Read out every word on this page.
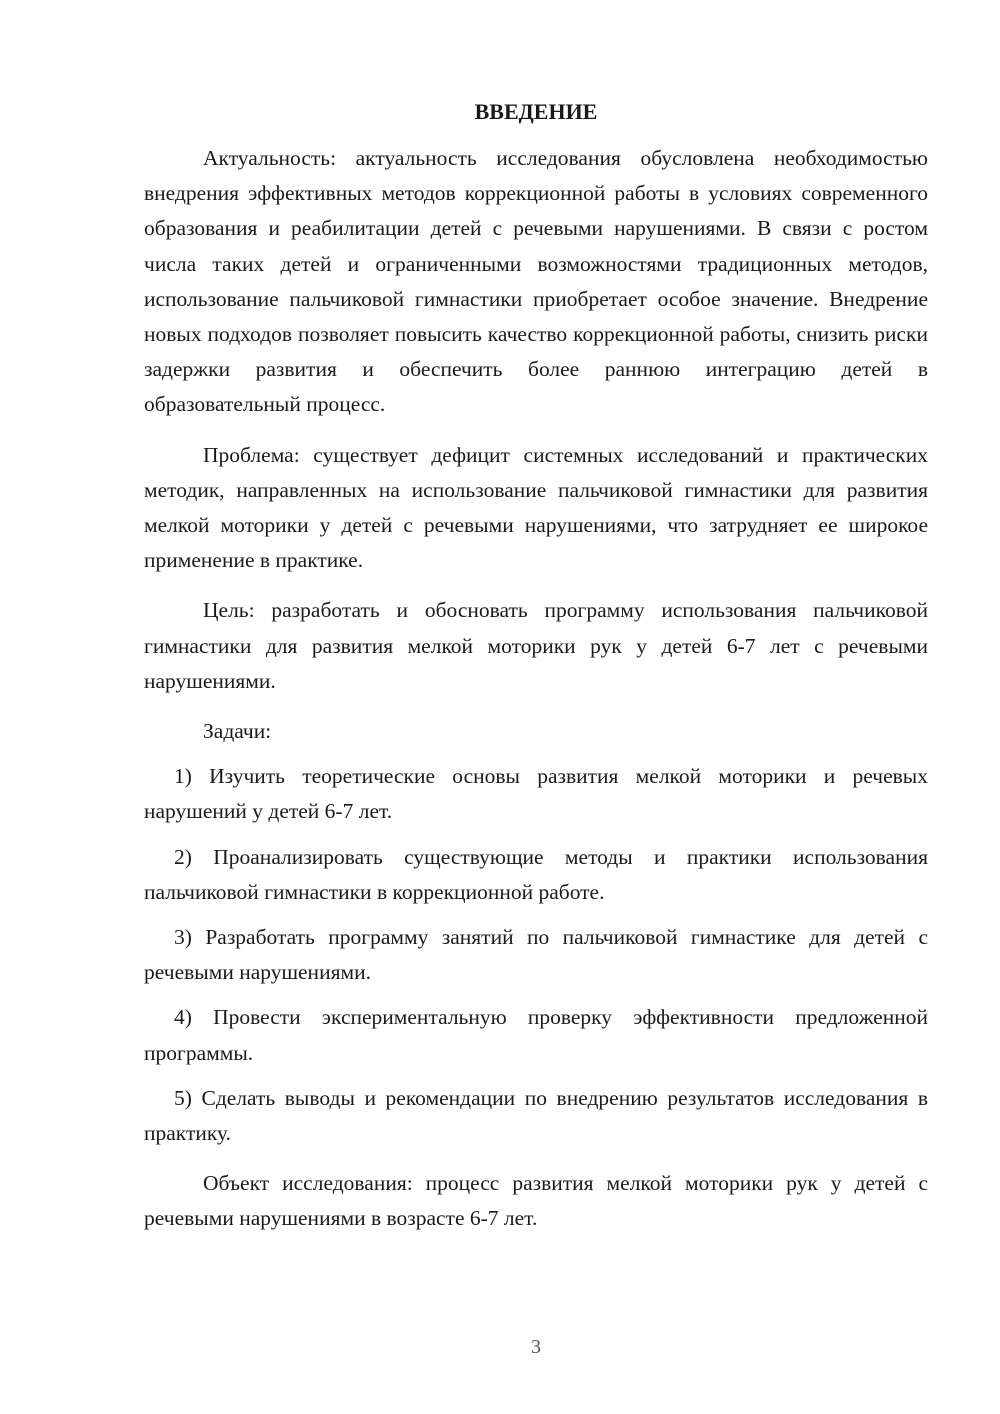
ВВЕДЕНИЕ

Актуальность: актуальность исследования обусловлена необходимостью внедрения эффективных методов коррекционной работы в условиях современного образования и реабилитации детей с речевыми нарушениями. В связи с ростом числа таких детей и ограниченными возможностями традиционных методов, использование пальчиковой гимнастики приобретает особое значение. Внедрение новых подходов позволяет повысить качество коррекционной работы, снизить риски задержки развития и обеспечить более раннюю интеграцию детей в образовательный процесс.

Проблема: существует дефицит системных исследований и практических методик, направленных на использование пальчиковой гимнастики для развития мелкой моторики у детей с речевыми нарушениями, что затрудняет ее широкое применение в практике.

Цель: разработать и обосновать программу использования пальчиковой гимнастики для развития мелкой моторики рук у детей 6-7 лет с речевыми нарушениями.

Задачи:

1) Изучить теоретические основы развития мелкой моторики и речевых нарушений у детей 6-7 лет.

2) Проанализировать существующие методы и практики использования пальчиковой гимнастики в коррекционной работе.

3) Разработать программу занятий по пальчиковой гимнастике для детей с речевыми нарушениями.

4) Провести экспериментальную проверку эффективности предложенной программы.

5) Сделать выводы и рекомендации по внедрению результатов исследования в практику.

Объект исследования: процесс развития мелкой моторики рук у детей с речевыми нарушениями в возрасте 6-7 лет.

3
